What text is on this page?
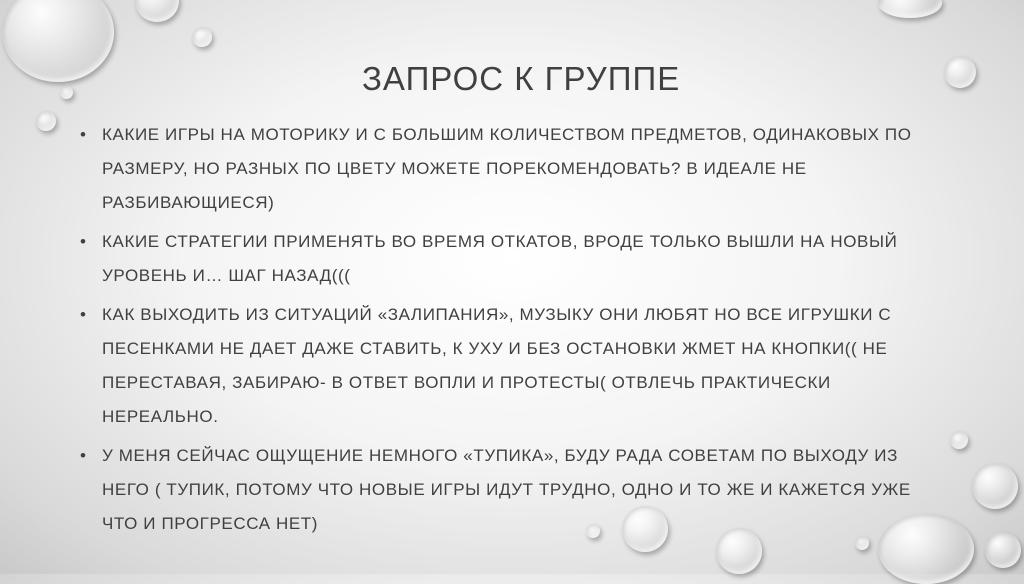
ЗАПРОС К ГРУППЕ
• КАКИЕ ИГРЫ НА МОТОРИКУ И С БОЛЬШИМ КОЛИЧЕСТВОМ ПРЕДМЕТОВ, ОДИНАКОВЫХ ПО РАЗМЕРУ, НО РАЗНЫХ ПО ЦВЕТУ МОЖЕТЕ ПОРЕКОМЕНДОВАТЬ? В ИДЕАЛЕ НЕ РАЗБИВАЮЩИЕСЯ)
• КАКИЕ СТРАТЕГИИ ПРИМЕНЯТЬ ВО ВРЕМЯ ОТКАТОВ, ВРОДЕ ТОЛЬКО ВЫШЛИ НА НОВЫЙ УРОВЕНЬ И… ШАГ НАЗАД(((
• КАК ВЫХОДИТЬ ИЗ СИТУАЦИЙ «ЗАЛИПАНИЯ», МУЗЫКУ ОНИ ЛЮБЯТ НО ВСЕ ИГРУШКИ С ПЕСЕНКАМИ НЕ ДАЕТ ДАЖЕ СТАВИТЬ, К УХУ И БЕЗ ОСТАНОВКИ ЖМЕТ НА КНОПКИ(( НЕ ПЕРЕСТАВАЯ, ЗАБИРАЮ- В ОТВЕТ ВОПЛИ И ПРОТЕСТЫ( ОТВЛЕЧЬ ПРАКТИЧЕСКИ НЕРЕАЛЬНО.
• У МЕНЯ СЕЙЧАС ОЩУЩЕНИЕ НЕМНОГО «ТУПИКА», БУДУ РАДА СОВЕТАМ ПО ВЫХОДУ ИЗ НЕГО ( ТУПИК, ПОТОМУ ЧТО НОВЫЕ ИГРЫ ИДУТ ТРУДНО, ОДНО И ТО ЖЕ И КАЖЕТСЯ УЖЕ ЧТО И ПРОГРЕССА НЕТ)
